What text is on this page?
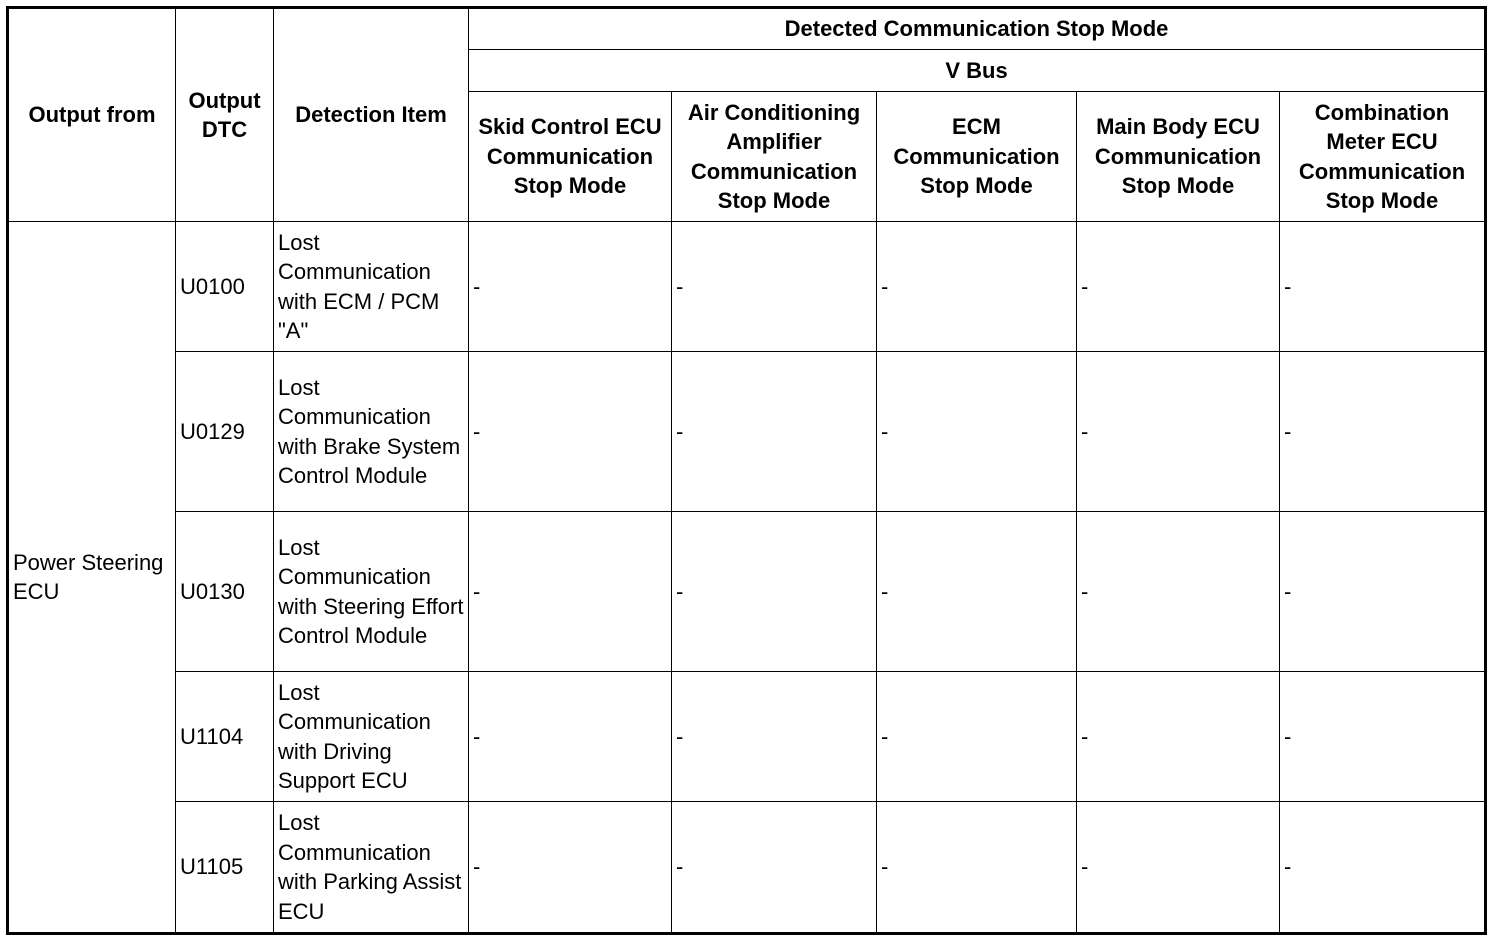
Output from	Output DTC	Detection Item	Detected Communication Stop Mode				
			V Bus				
			Skid Control ECU Communication Stop Mode	Air Conditioning Amplifier Communication Stop Mode	ECM Communication Stop Mode	Main Body ECU Communication Stop Mode	Combination Meter ECU Communication Stop Mode
Power Steering ECU	U0100	Lost Communication with ECM / PCM "A"	-	-	-	-	-
	U0129	Lost Communication with Brake System Control Module	-	-	-	-	-
	U0130	Lost Communication with Steering Effort Control Module	-	-	-	-	-
	U1104	Lost Communication with Driving Support ECU	-	-	-	-	-
	U1105	Lost Communication with Parking Assist ECU	-	-	-	-	-
